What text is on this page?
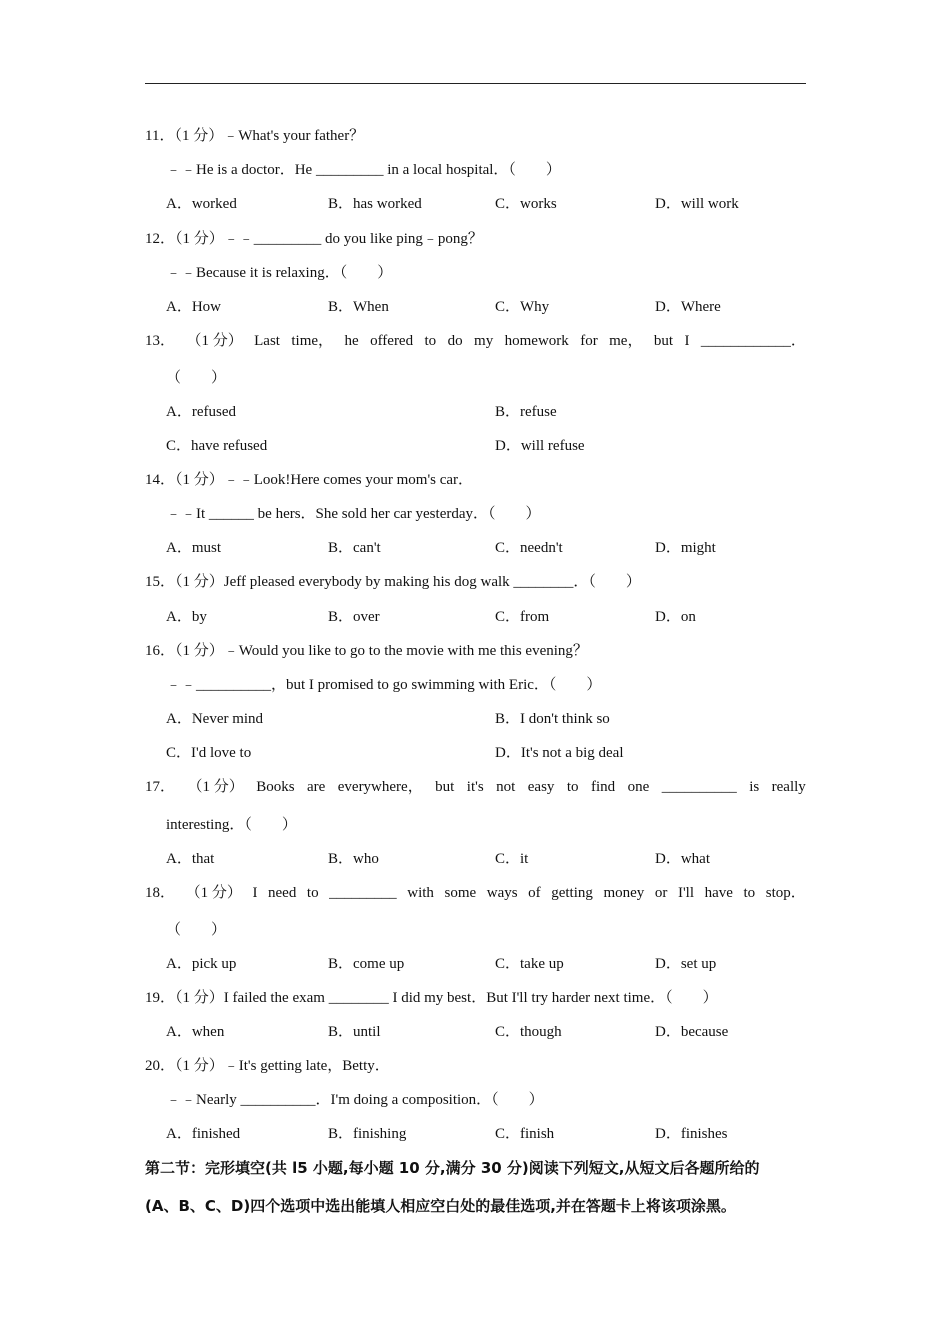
11．（1 分）﹣What's your father？
﹣﹣He is a doctor．He _________ in a local hospital．（　　）
A．worked	B．has worked	C．works	D．will work
12．（1 分）﹣﹣_________ do you like ping﹣pong？
﹣﹣Because it is relaxing．（　　）
A．How	B．When	C．Why	D．Where
13． （1 分） Last time， he offered to do my homework for me， but I ____________．
（　　）
A．refused	B．refuse
C．have refused	D．will refuse
14．（1 分）﹣﹣Look!Here comes your mom's car．
﹣﹣It ______ be hers．She sold her car yesterday．（　　）
A．must	B．can't	C．needn't	D．might
15．（1 分）Jeff pleased everybody by making his dog walk ________．（　　）
A．by	B．over	C．from	D．on
16．（1 分）﹣Would you like to go to the movie with me this evening？
﹣﹣__________，but I promised to go swimming with Eric．（　　）
A．Never mind	B．I don't think so
C．I'd love to	D．It's not a big deal
17． （1 分） Books are everywhere， but it's not easy to find one __________ is really
interesting．（　　）
A．that	B．who	C．it	D．what
18． （1 分） I need to _________ with some ways of getting money or I'll have to stop．
（　　）
A．pick up	B．come up	C．take up	D．set up
19．（1 分）I failed the exam ________ I did my best．But I'll try harder next time．（　　）
A．when	B．until	C．though	D．because
20．（1 分）﹣It's getting late，Betty．
﹣﹣Nearly __________．I'm doing a composition．（　　）
A．finished	B．finishing	C．finish	D．finishes
第二节：完形填空(共 l5 小题,每小题 10 分,满分 30 分)阅读下列短文,从短文后各题所给的
(A、B、C、D)四个选项中选出能填人相应空白处的最佳选项,并在答题卡上将该项涂黑。
